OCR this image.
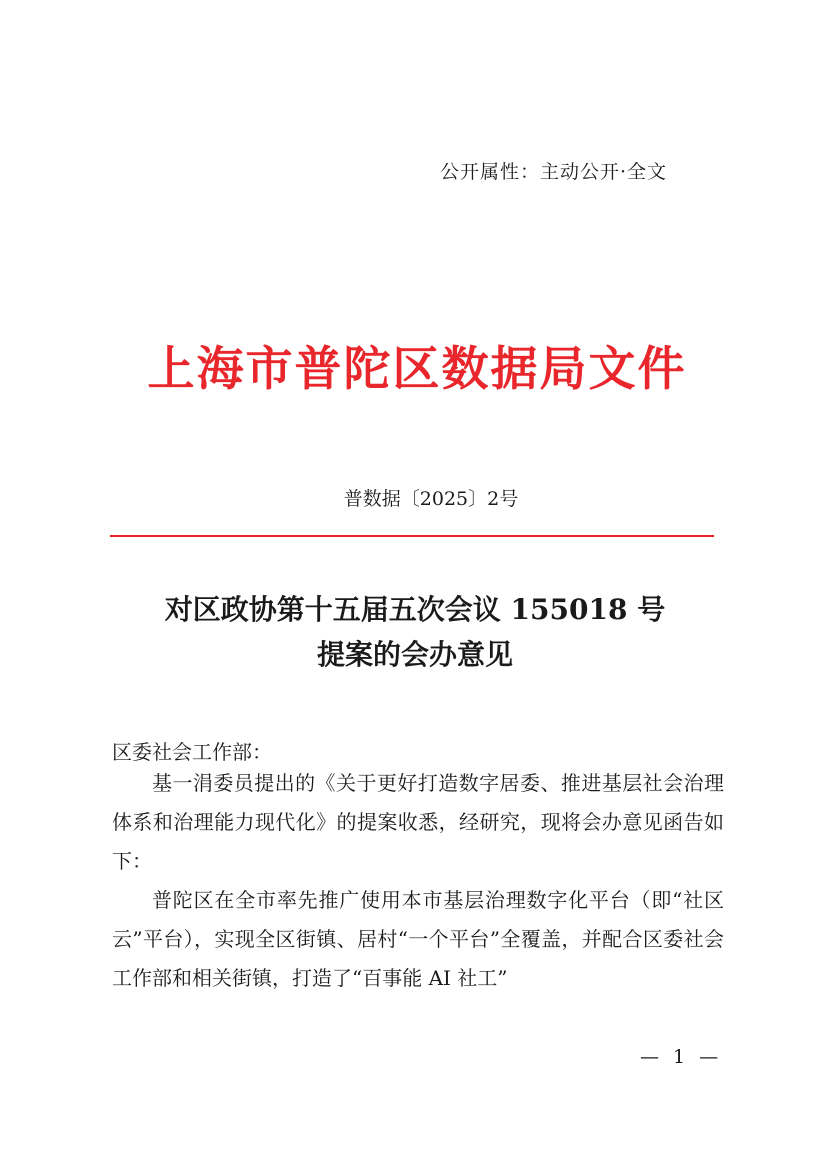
公开属性：主动公开·全文
上海市普陀区数据局文件
普数据〔2025〕2号
对区政协第十五届五次会议 155018 号
提案的会办意见
区委社会工作部：
基一涓委员提出的《关于更好打造数字居委、推进基层社会治理体系和治理能力现代化》的提案收悉，经研究，现将会办意见函告如下：
普陀区在全市率先推广使用本市基层治理数字化平台（即“社区云”平台），实现全区街镇、居村“一个平台”全覆盖，并配合区委社会工作部和相关街镇，打造了“百事能 AI 社工”
— 1 —
